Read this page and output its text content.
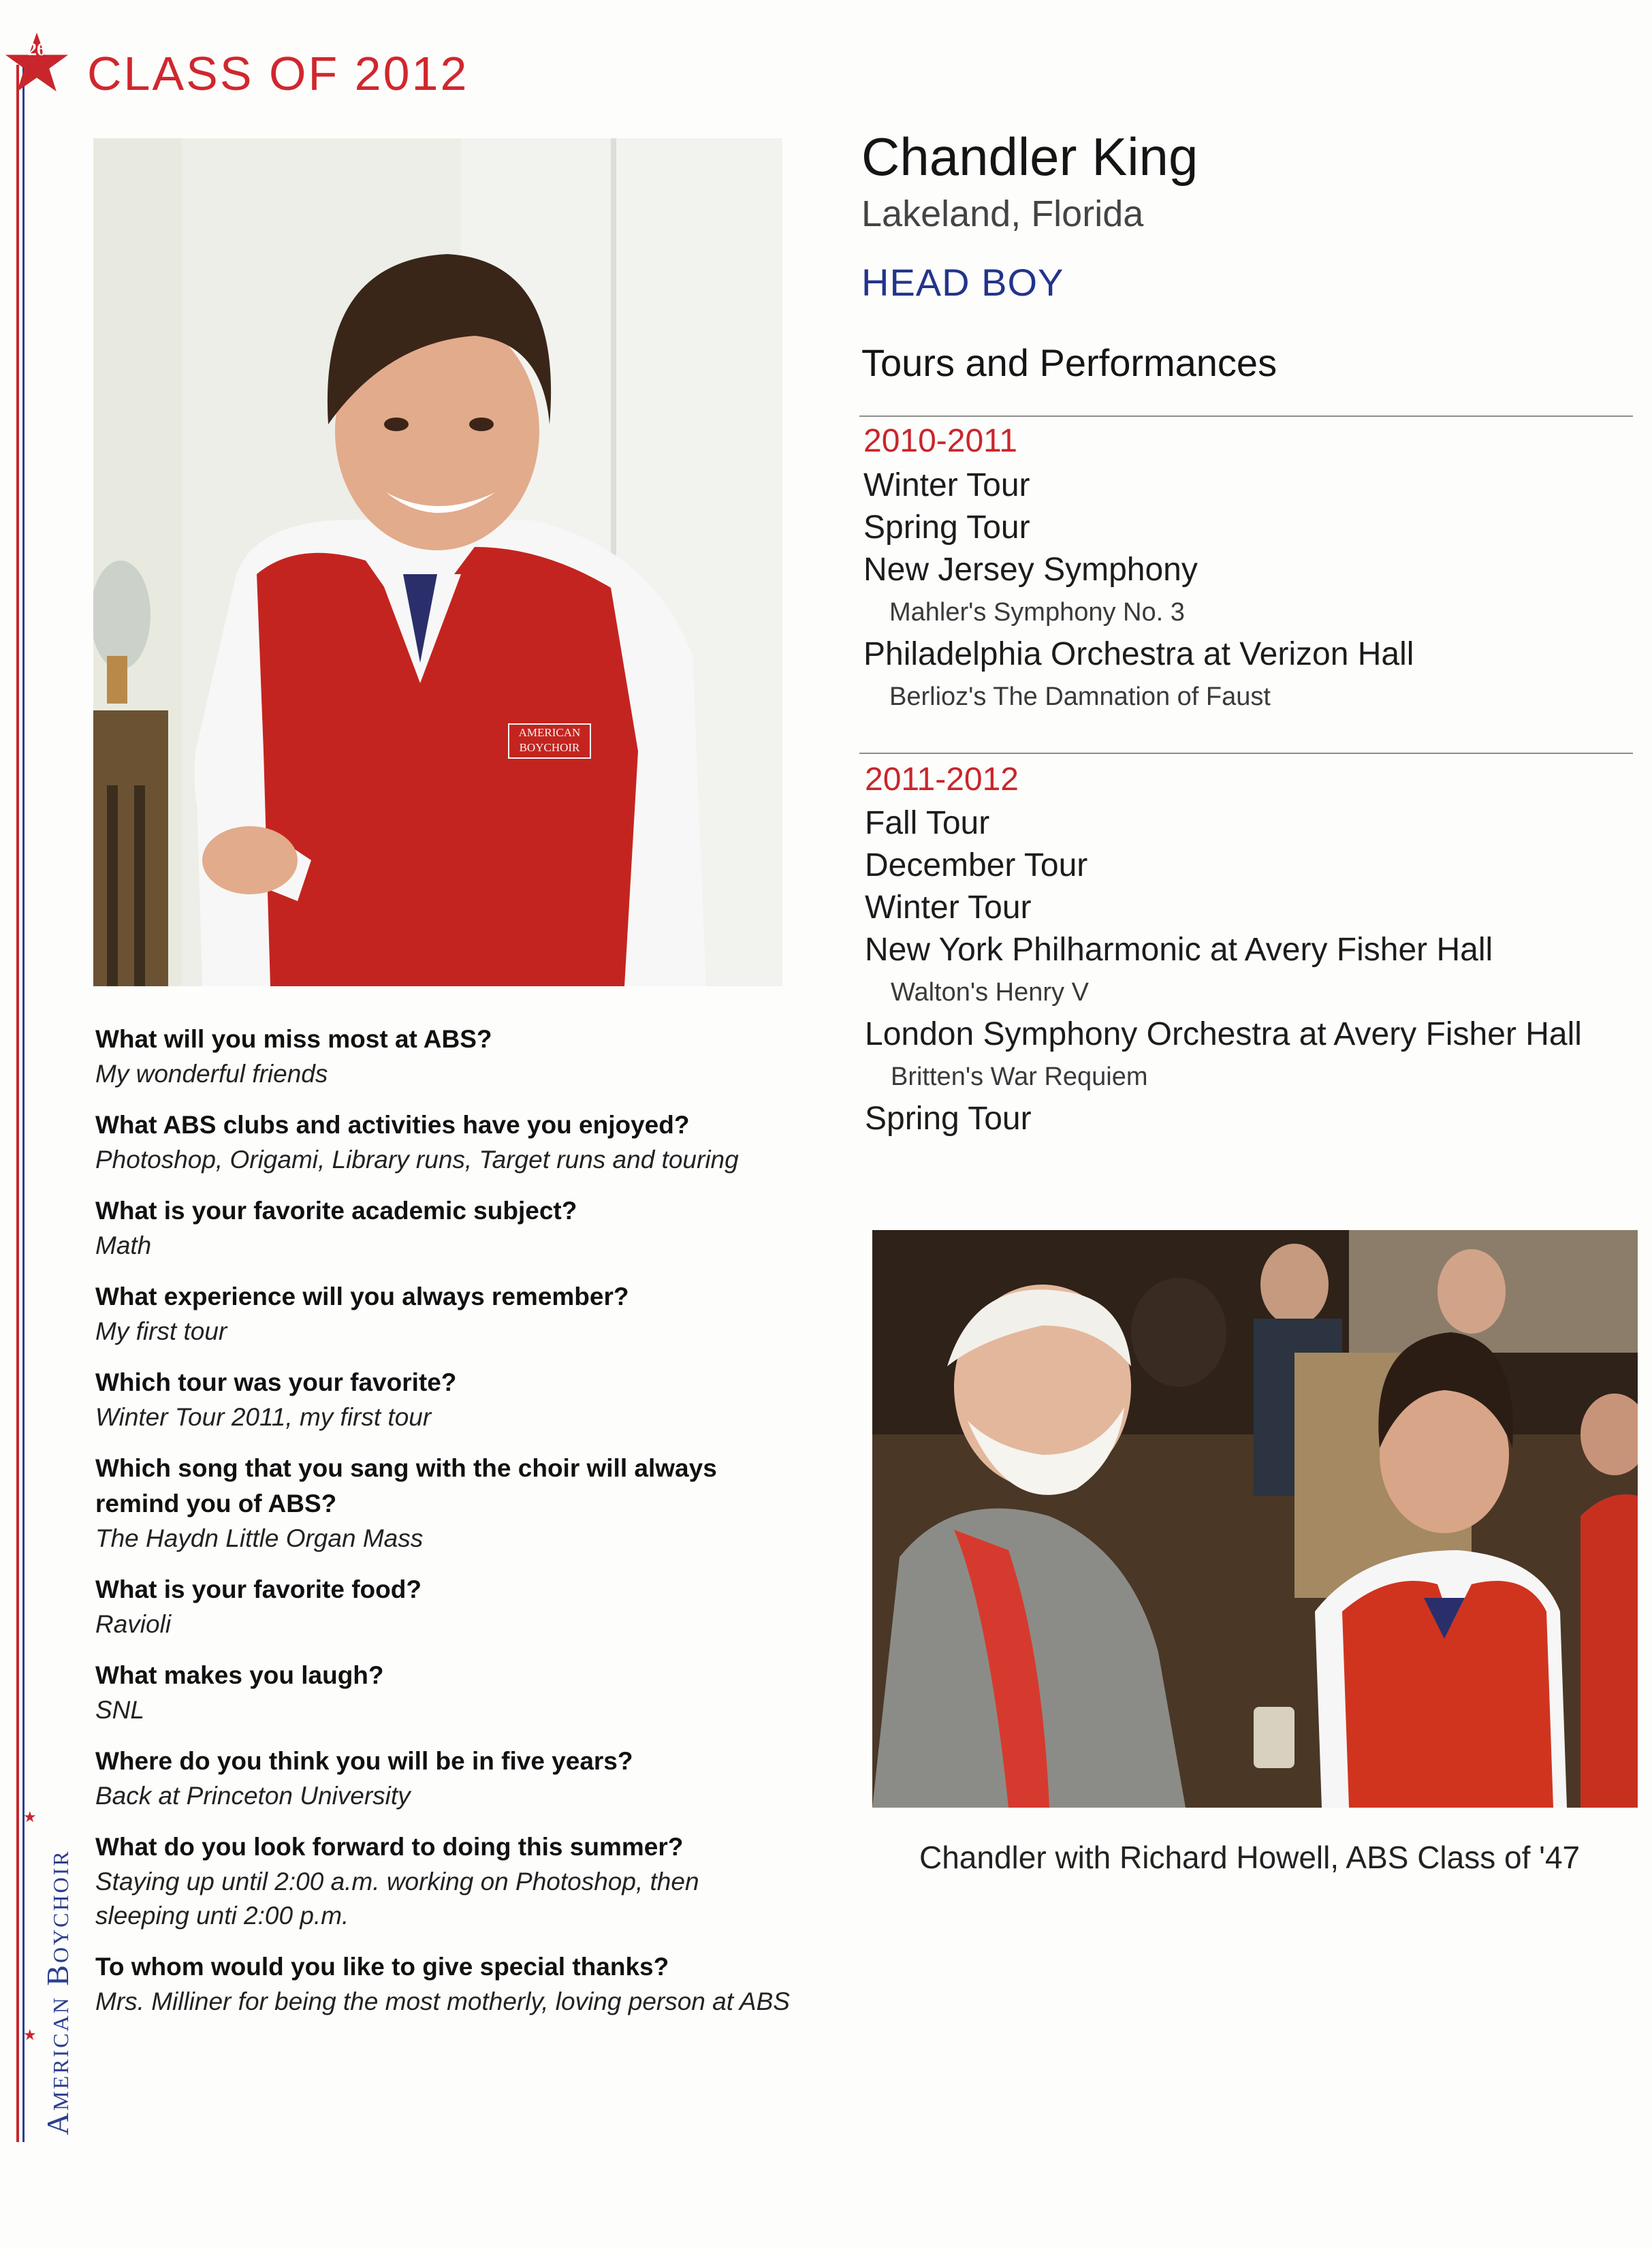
26 CLASS OF 2012
★
★ American Boychoir
AMERICAN BOYCHOIR
Chandler King
Lakeland, Florida
HEAD BOY
Tours and Performances
2010-2011
Winter Tour
Spring Tour
New Jersey Symphony
Mahler's Symphony No. 3
Philadelphia Orchestra at Verizon Hall
Berlioz's The Damnation of Faust
2011-2012
Fall Tour
December Tour
Winter Tour
New York Philharmonic at Avery Fisher Hall
Walton's Henry V
London Symphony Orchestra at Avery Fisher Hall
Britten's War Requiem
Spring Tour
Chandler with Richard Howell, ABS Class of '47
What will you miss most at ABS?
My wonderful friends
What ABS clubs and activities have you enjoyed?
Photoshop, Origami, Library runs, Target runs and touring
What is your favorite academic subject?
Math
What experience will you always remember?
My first tour
Which tour was your favorite?
Winter Tour 2011, my first tour
Which song that you sang with the choir will always remind you of ABS?
The Haydn Little Organ Mass
What is your favorite food?
Ravioli
What makes you laugh?
SNL
Where do you think you will be in five years?
Back at Princeton University
What do you look forward to doing this summer?
Staying up until 2:00 a.m. working on Photoshop, then sleeping unti 2:00 p.m.
To whom would you like to give special thanks?
Mrs. Milliner for being the most motherly, loving person at ABS
